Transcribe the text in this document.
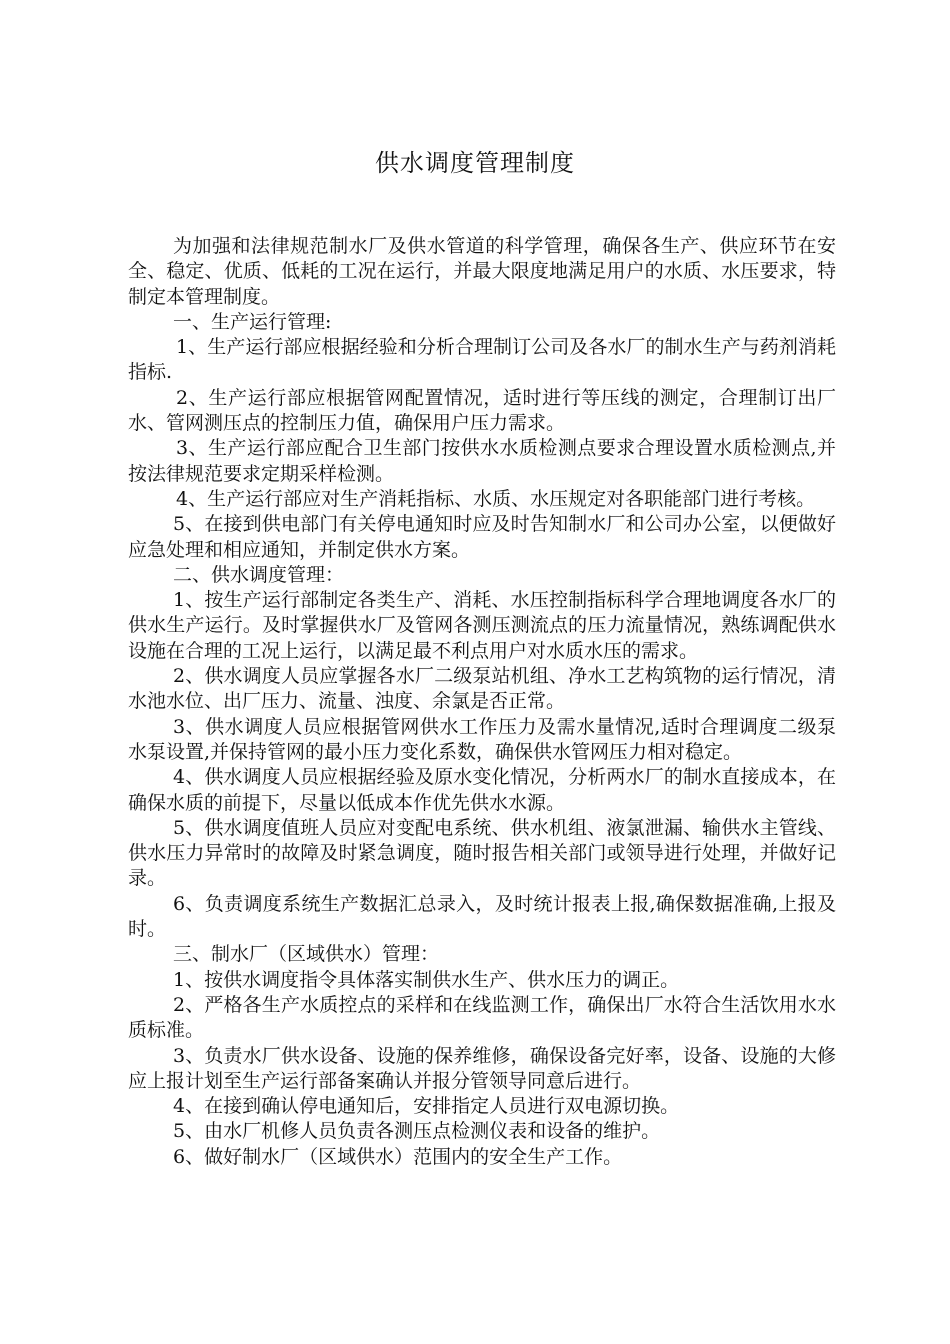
供水调度管理制度

为加强和法律规范制水厂及供水管道的科学管理，确保各生产、供应环节在安全、稳定、优质、低耗的工况在运行，并最大限度地满足用户的水质、水压要求，特制定本管理制度。

一、生产运行管理:

1、生产运行部应根据经验和分析合理制订公司及各水厂的制水生产与药剂消耗指标.

2、生产运行部应根据管网配置情况，适时进行等压线的测定，合理制订出厂水、管网测压点的控制压力值，确保用户压力需求。

3、生产运行部应配合卫生部门按供水水质检测点要求合理设置水质检测点,并按法律规范要求定期采样检测。

4、生产运行部应对生产消耗指标、水质、水压规定对各职能部门进行考核。

5、在接到供电部门有关停电通知时应及时告知制水厂和公司办公室，以便做好应急处理和相应通知，并制定供水方案。

二、供水调度管理：

1、按生产运行部制定各类生产、消耗、水压控制指标科学合理地调度各水厂的供水生产运行。及时掌握供水厂及管网各测压测流点的压力流量情况，熟练调配供水设施在合理的工况上运行，以满足最不利点用户对水质水压的需求。

2、供水调度人员应掌握各水厂二级泵站机组、净水工艺构筑物的运行情况，清水池水位、出厂压力、流量、浊度、余氯是否正常。

3、供水调度人员应根据管网供水工作压力及需水量情况,适时合理调度二级泵水泵设置,并保持管网的最小压力变化系数，确保供水管网压力相对稳定。

4、供水调度人员应根据经验及原水变化情况，分析两水厂的制水直接成本，在确保水质的前提下，尽量以低成本作优先供水水源。

5、供水调度值班人员应对变配电系统、供水机组、液氯泄漏、输供水主管线、供水压力异常时的故障及时紧急调度，随时报告相关部门或领导进行处理，并做好记录。

6、负责调度系统生产数据汇总录入，及时统计报表上报,确保数据准确,上报及时。

三、制水厂（区域供水）管理：

1、按供水调度指令具体落实制供水生产、供水压力的调正。

2、严格各生产水质控点的采样和在线监测工作，确保出厂水符合生活饮用水水质标准。

3、负责水厂供水设备、设施的保养维修，确保设备完好率，设备、设施的大修应上报计划至生产运行部备案确认并报分管领导同意后进行。

4、在接到确认停电通知后，安排指定人员进行双电源切换。

5、由水厂机修人员负责各测压点检测仪表和设备的维护。

6、做好制水厂（区域供水）范围内的安全生产工作。
